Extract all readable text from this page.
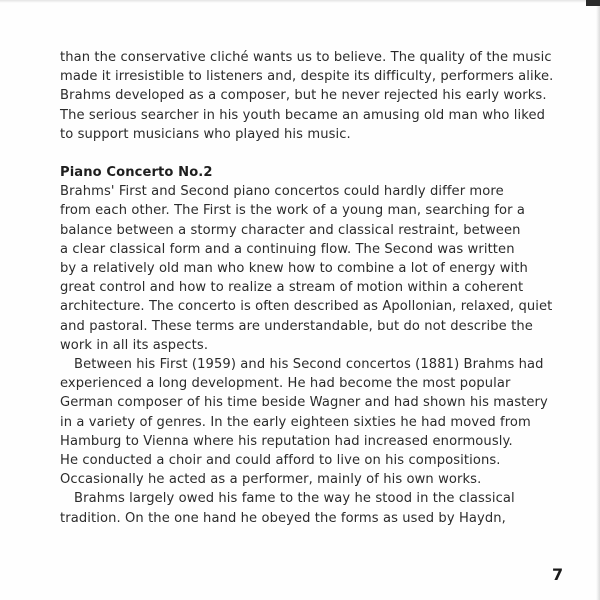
than the conservative cliché wants us to believe. The quality of the music
made it irresistible to listeners and, despite its difficulty, performers alike.
Brahms developed as a composer, but he never rejected his early works.
The serious searcher in his youth became an amusing old man who liked
to support musicians who played his music.
Piano Concerto No.2
Brahms' First and Second piano concertos could hardly differ more
from each other. The First is the work of a young man, searching for a
balance between a stormy character and classical restraint, between
a clear classical form and a continuing flow. The Second was written
by a relatively old man who knew how to combine a lot of energy with
great control and how to realize a stream of motion within a coherent
architecture. The concerto is often described as Apollonian, relaxed, quiet
and pastoral. These terms are understandable, but do not describe the
work in all its aspects.
Between his First (1959) and his Second concertos (1881) Brahms had
experienced a long development. He had become the most popular
German composer of his time beside Wagner and had shown his mastery
in a variety of genres. In the early eighteen sixties he had moved from
Hamburg to Vienna where his reputation had increased enormously.
He conducted a choir and could afford to live on his compositions.
Occasionally he acted as a performer, mainly of his own works.
Brahms largely owed his fame to the way he stood in the classical
tradition. On the one hand he obeyed the forms as used by Haydn,
7
